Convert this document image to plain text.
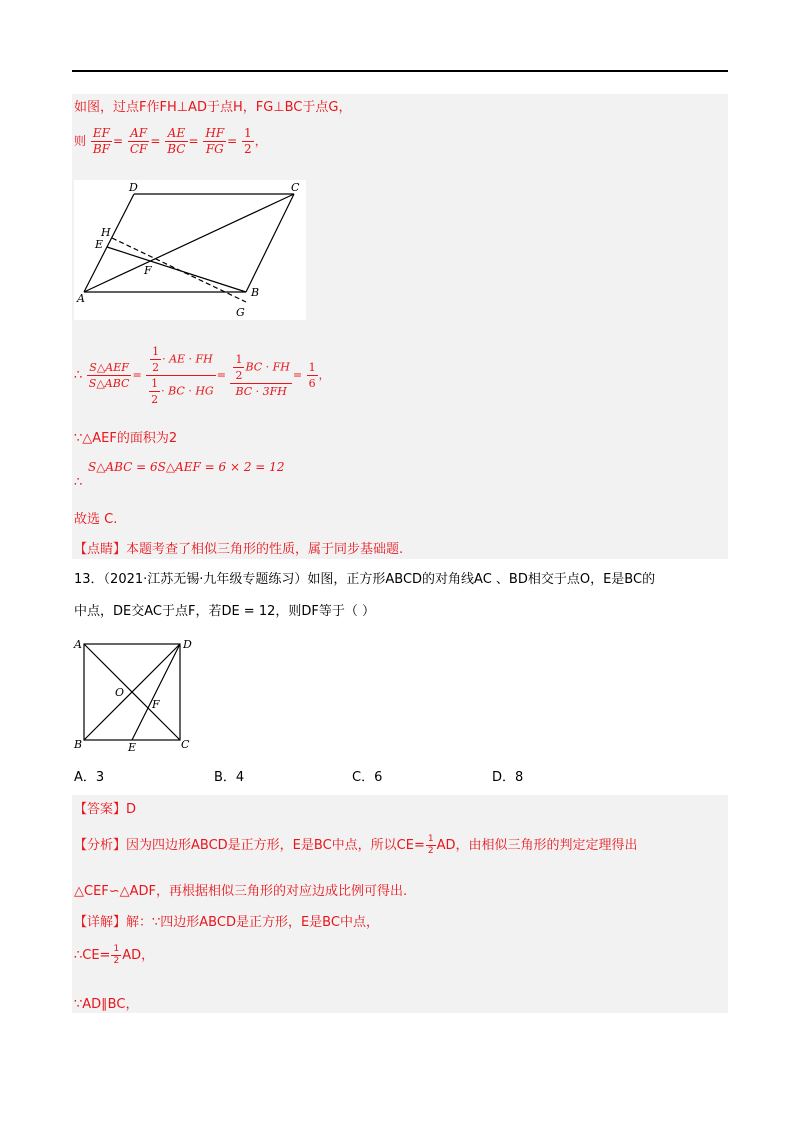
如图，过点F作FH⊥AD于点H，FG⊥BC于点G，
则 $\frac{EF}{BF} = \frac{AF}{CF} = \frac{AE}{BC} = \frac{HF}{FG} = \frac{1}{2}$ ，
D	C
H
E
F
A	B
G
∴ $\frac{\text{S△AEF}}{\text{S△ABC}} = \frac{\frac{1}{2} \cdot AE \cdot FH}{\frac{1}{2} \cdot BC \cdot HG} = \frac{\frac{1}{2} BC \cdot FH}{BC \cdot 3FH} = \frac{1}{6}$ ，
∵△AEF的面积为2
S△ABC = 6S△AEF = 6 × 2 = 12
∴
故选 C.
【点睛】本题考查了相似三角形的性质，属于同步基础题.
13．（2021·江苏无锡·九年级专题练习）如图，正方形ABCD的对角线AC 、BD相交于点O，E是BC的
中点，DE交AC于点F，若DE = 12，则DF等于（ ）
A	D
O
F
B	E	C
A．3	B．4	C．6	D．8
【答案】D
【分析】因为四边形ABCD是正方形，E是BC中点，所以$CE= \frac{1}{2}$ AD，由相似三角形的判定定理得出
△CEF∽△ADF，再根据相似三角形的对应边成比例可得出.
【详解】解：∵四边形ABCD是正方形，E是BC中点，
∴CE= $\frac{1}{2}$ AD，
∵AD∥BC，
